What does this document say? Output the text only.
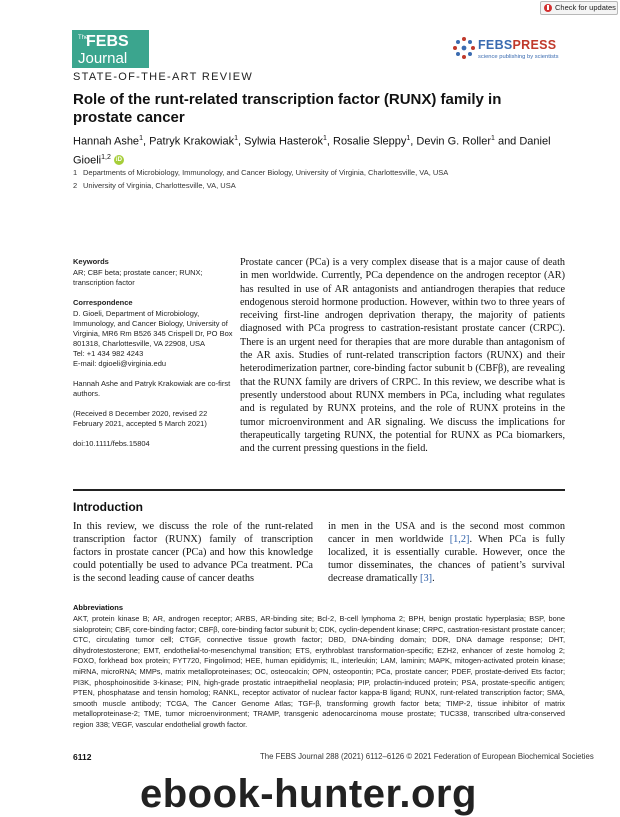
Check for updates
TheFEBS
Journal
FEBSPRESS
science publishing by scientists
STATE-OF-THE-ART REVIEW
Role of the runt-related transcription factor (RUNX) family in prostate cancer
Hannah Ashe$^1$, Patryk Krakowiak$^1$, Sylwia Hasterok$^1$, Rosalie Sleppy$^1$, Devin G. Roller$^1$ and Daniel Gioeli$^{1,2}$ iD
1 Departments of Microbiology, Immunology, and Cancer Biology, University of Virginia, Charlottesville, VA, USA
2 University of Virginia, Charlottesville, VA, USA
Keywords
AR; CBF beta; prostate cancer; RUNX; transcription factor
Correspondence
D. Gioeli, Department of Microbiology, Immunology, and Cancer Biology, University of Virginia, MR6 Rm B526 345 Crispell Dr, PO Box 801318, Charlottesville, VA 22908, USA
Tel: +1 434 982 4243
E-mail: dgioeli@virginia.edu
Hannah Ashe and Patryk Krakowiak are co-first authors.
(Received 8 December 2020, revised 22 February 2021, accepted 5 March 2021)
doi:10.1111/febs.15804
Prostate cancer (PCa) is a very complex disease that is a major cause of death in men worldwide. Currently, PCa dependence on the androgen receptor (AR) has resulted in use of AR antagonists and antiandrogen therapies that reduce endogenous steroid hormone production. However, within two to three years of receiving first-line androgen deprivation therapy, the majority of patients diagnosed with PCa progress to castration-resistant prostate cancer (CRPC). There is an urgent need for therapies that are more durable than antagonism of the AR axis. Studies of runt-related transcription factors (RUNX) and their heterodimerization partner, core-binding factor subunit b (CBFβ), are revealing that the RUNX family are drivers of CRPC. In this review, we describe what is presently understood about RUNX members in PCa, including what regulates and is regulated by RUNX proteins, and the role of RUNX proteins in the tumor microenvironment and AR signaling. We discuss the implications for therapeutically targeting RUNX, the potential for RUNX as PCa biomarkers, and the current pressing questions in the field.
Introduction
In this review, we discuss the role of the runt-related transcription factor (RUNX) family of transcription factors in prostate cancer (PCa) and how this knowledge could potentially be used to advance PCa treatment. PCa is the second leading cause of cancer deaths
in men in the USA and is the second most common cancer in men worldwide [1,2]. When PCa is fully localized, it is essentially curable. However, once the tumor disseminates, the chances of patient’s survival decrease dramatically [3].
Abbreviations
AKT, protein kinase B; AR, androgen receptor; ARBS, AR-binding site; Bcl-2, B-cell lymphoma 2; BPH, benign prostatic hyperplasia; BSP, bone sialoprotein; CBF, core-binding factor; CBFβ, core-binding factor subunit b; CDK, cyclin-dependent kinase; CRPC, castration-resistant prostate cancer; CTC, circulating tumor cell; CTGF, connective tissue growth factor; DBD, DNA-binding domain; DDR, DNA damage response; DHT, dihydrotestosterone; EMT, endothelial-to-mesenchymal transition; ETS, erythroblast transformation-specific; EZH2, enhancer of zeste homolog 2; FOXO, forkhead box protein; FYT720, Fingolimod; HEE, human epididymis; IL, interleukin; LAM, laminin; MAPK, mitogen-activated protein kinase; miRNA, microRNA; MMPs, matrix metalloproteinases; OC, osteocalcin; OPN, osteopontin; PCa, prostate cancer; PDEF, prostate-derived Ets factor; PI3K, phosphoinositide 3-kinase; PIN, high-grade prostatic intraepithelial neoplasia; PIP, prolactin-induced protein; PSA, prostate-specific antigen; PTEN, phosphatase and tensin homolog; RANKL, receptor activator of nuclear factor kappa-B ligand; RUNX, runt-related transcription factor; SMA, smooth muscle antibody; TCGA, The Cancer Genome Atlas; TGF-β, transforming growth factor beta; TIMP-2, tissue inhibitor of matrix metalloproteinase-2; TME, tumor microenvironment; TRAMP, transgenic adenocarcinoma mouse prostate; TUC338, transcribed ultra-conserved region 338; VEGF, vascular endothelial growth factor.
6112	The FEBS Journal 288 (2021) 6112–6126 © 2021 Federation of European Biochemical Societies
ebook-hunter.org
